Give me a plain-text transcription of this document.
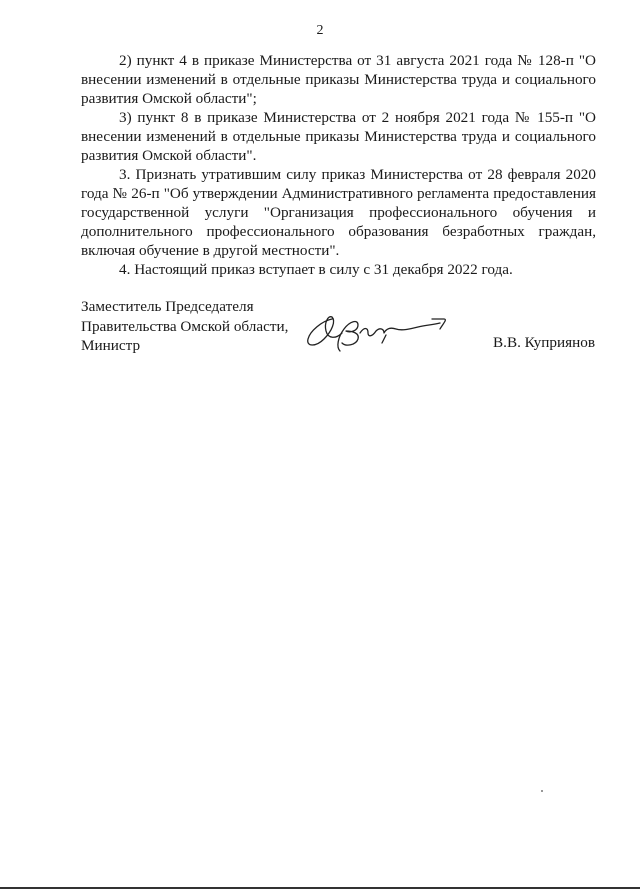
2

2) пункт 4 в приказе Министерства от 31 августа 2021 года № 128-п "О внесении изменений в отдельные приказы Министерства труда и социального развития Омской области";

3) пункт 8 в приказе Министерства от 2 ноября 2021 года № 155-п "О внесении изменений в отдельные приказы Министерства труда и социального развития Омской области".

3. Признать утратившим силу приказ Министерства от 28 февраля 2020 года № 26-п "Об утверждении Административного регламента предоставления государственной услуги "Организация профессионального обучения и дополнительного профессионального образования безработных граждан, включая обучение в другой местности".

4. Настоящий приказ вступает в силу с 31 декабря 2022 года.

Заместитель Председателя
Правительства Омской области,
Министр	В.В. Куприянов
